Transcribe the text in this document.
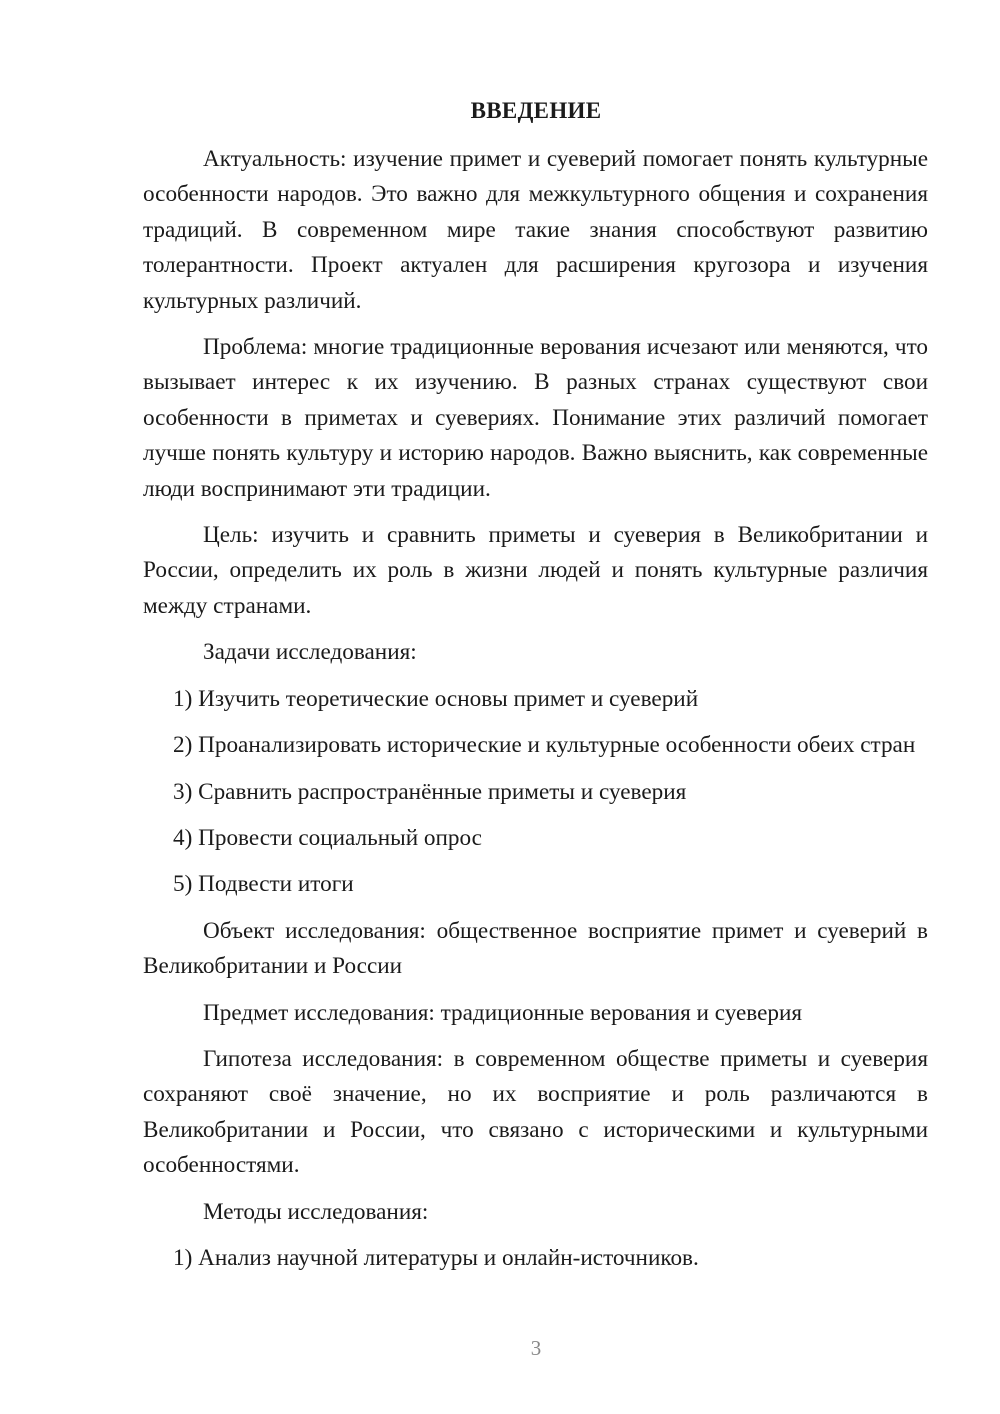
ВВЕДЕНИЕ

Актуальность: изучение примет и суеверий помогает понять культурные особенности народов. Это важно для межкультурного общения и сохранения традиций. В современном мире такие знания способствуют развитию толерантности. Проект актуален для расширения кругозора и изучения культурных различий.

Проблема: многие традиционные верования исчезают или меняются, что вызывает интерес к их изучению. В разных странах существуют свои особенности в приметах и суевериях. Понимание этих различий помогает лучше понять культуру и историю народов. Важно выяснить, как современные люди воспринимают эти традиции.

Цель: изучить и сравнить приметы и суеверия в Великобритании и России, определить их роль в жизни людей и понять культурные различия между странами.

Задачи исследования:

1) Изучить теоретические основы примет и суеверий

2) Проанализировать исторические и культурные особенности обеих стран

3) Сравнить распространённые приметы и суеверия

4) Провести социальный опрос

5) Подвести итоги

Объект исследования: общественное восприятие примет и суеверий в Великобритании и России

Предмет исследования: традиционные верования и суеверия

Гипотеза исследования: в современном обществе приметы и суеверия сохраняют своё значение, но их восприятие и роль различаются в Великобритании и России, что связано с историческими и культурными особенностями.

Методы исследования:

1) Анализ научной литературы и онлайн-источников.

3
